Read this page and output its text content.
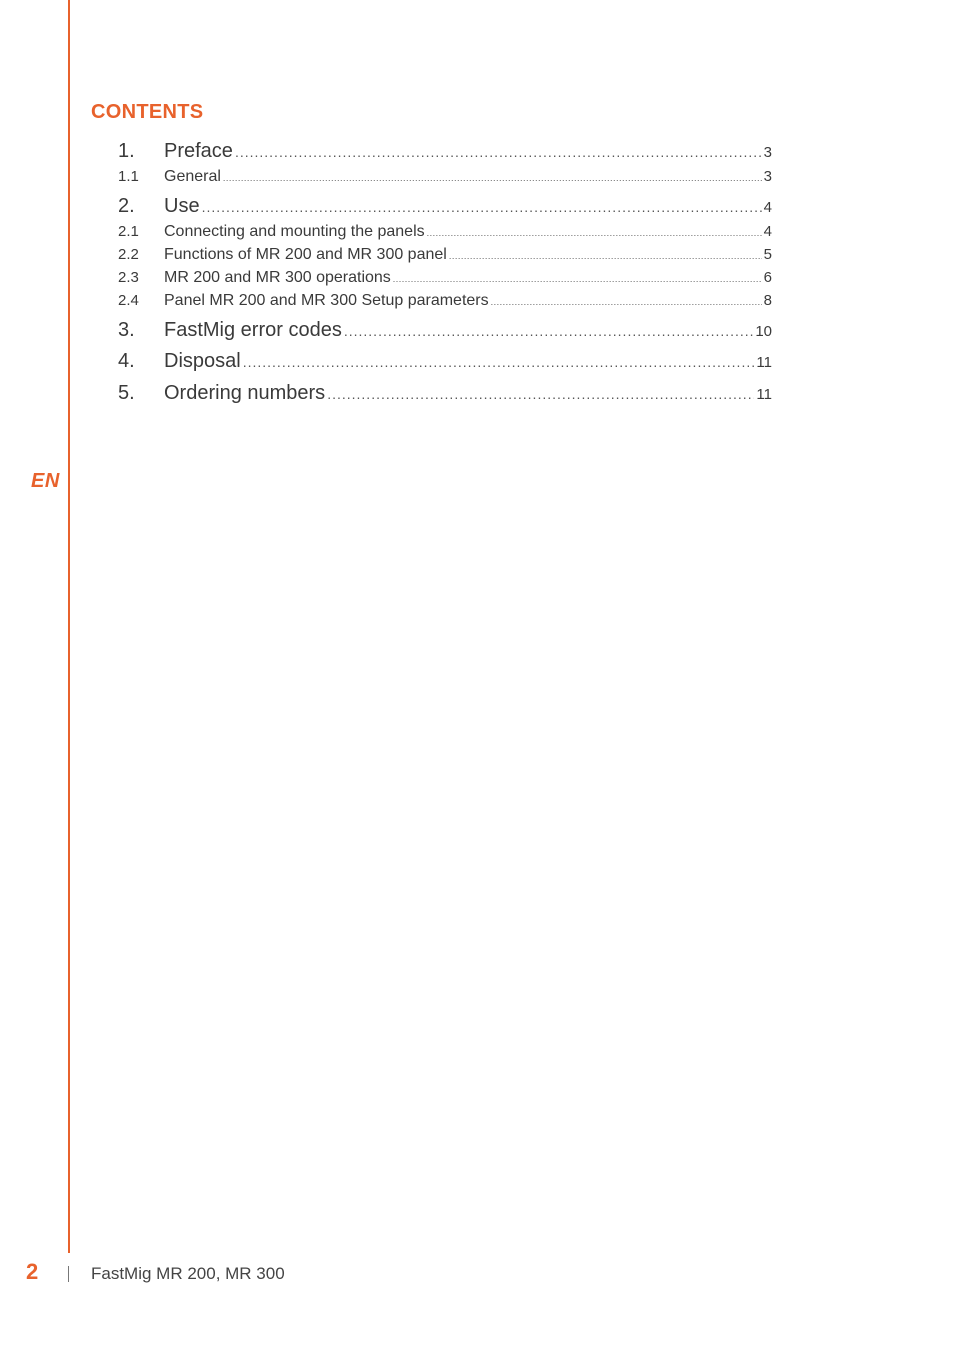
EN
CONTENTS
1.	Preface .....	3
1.1	General .....	3
2.	Use .....	4
2.1	Connecting and mounting the panels .....	4
2.2	Functions of MR 200 and MR 300 panel .....	5
2.3	MR 200 and MR 300 operations .....	6
2.4	Panel MR 200 and MR 300 Setup parameters .....	8
3.	FastMig error codes .....	10
4.	Disposal .....	11
5.	Ordering numbers .....	11
2	FastMig MR 200, MR 300
